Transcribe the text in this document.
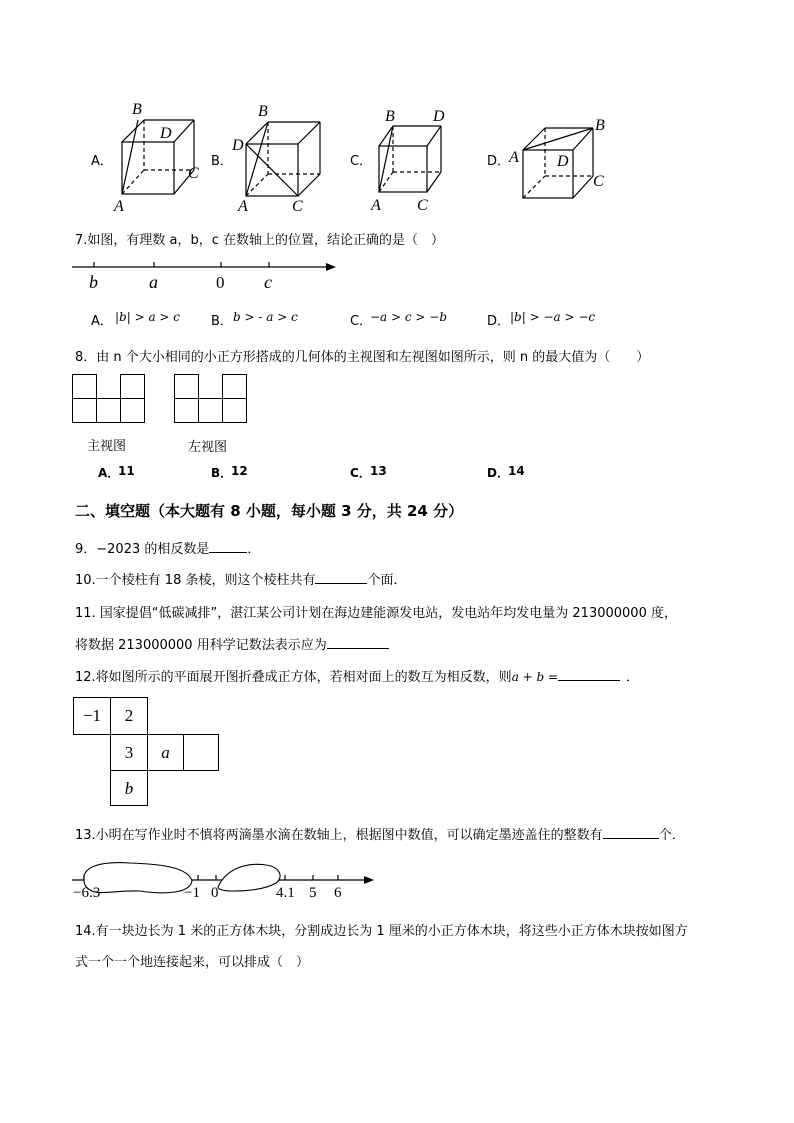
A．
B
D
C
A
B．
B
D
A	C
C．
B D
A C
D．
B
A D
C
7.如图，有理数 a，b，c 在数轴上的位置，结论正确的是（　）
b	a	0 c
A． |b| > a > c B． b > - a > c	C．
−a > c > −b	D． |b| > −a > −c
8．由 n 个大小相同的小正方形搭成的几何体的主视图和左视图如图所示，则 n 的最大值为（　　）
主视图	左视图
A．
11	B．
12	C． 13	D． 14
二、填空题（本大题有 8 小题，每小题 3 分，共 24 分）
9．−2023 的相反数是	．
10.一个棱柱有 18 条棱，则这个棱柱共有	个面．
11. 国家提倡“低碳减排”，湛江某公司计划在海边建能源发电站，发电站年均发电量为 213000000 度，
将数据 213000000 用科学记数法表示应为
12.将如图所示的平面展开图折叠成正方体，若相对面上的数互为相反数，则a + b =	．
−1	2
3	a
b
13.小明在写作业时不慎将两滴墨水滴在数轴上，根据图中数值，可以确定墨迹盖住的整数有	个．
−6.3	−1 0	4.1 5 6
14.有一块边长为 1 米的正方体木块，分割成边长为 1 厘米的小正方体木块，将这些小正方体木块按如图方
式一个一个地连接起来，可以排成（　）
